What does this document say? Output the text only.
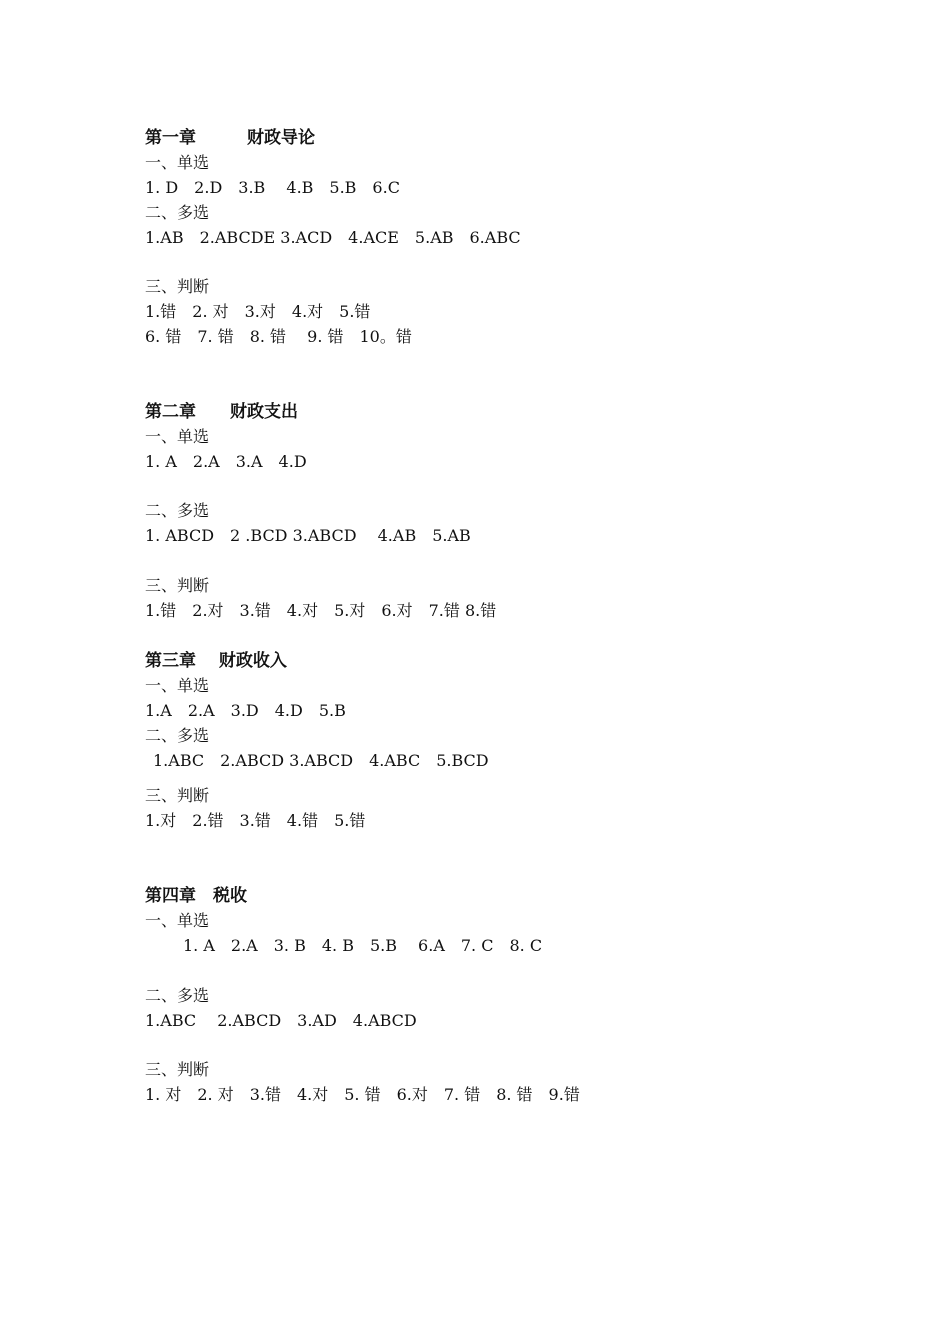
第一章　　　财政导论
一、单选
1. D　2.D　3.B　 4.B　5.B　6.C
二、多选
1.AB　2.ABCDE 3.ACD　4.ACE　5.AB　6.ABC
三、判断
1.错　2. 对　3.对　4.对　5.错
6. 错　7. 错　8. 错　 9. 错　10。错
第二章　　财政支出
一、单选
1. A　2.A　3.A　4.D
二、多选
1. ABCD　2 .BCD 3.ABCD　 4.AB　5.AB
三、判断
1.错　2.对　3.错　4.对　5.对　6.对　7.错 8.错
第三章　 财政收入
一、单选
1.A　2.A　3.D　4.D　5.B
二、多选
1.ABC　2.ABCD 3.ABCD　4.ABC　5.BCD
三、判断
1.对　2.错　3.错　4.错　5.错
第四章　税收
一、单选
1. A　2.A　3. B　4. B　5.B　 6.A　7. C　8. C
二、多选
1.ABC　 2.ABCD　3.AD　4.ABCD
三、判断
1. 对　2. 对　3.错　4.对　5. 错　6.对　7. 错　8. 错　9.错
